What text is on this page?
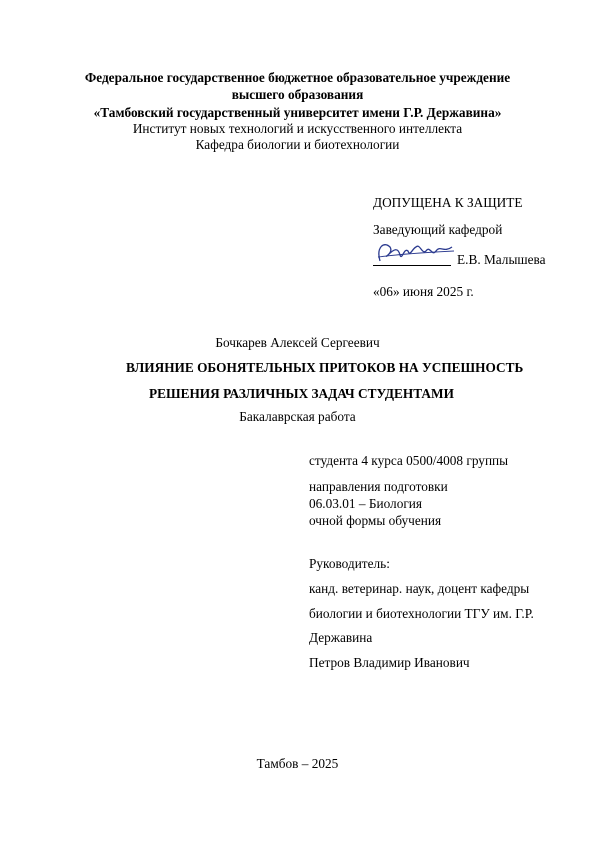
Федеральное государственное бюджетное образовательное учреждение
высшего образования
«Тамбовский государственный университет имени Г.Р. Державина»
Институт новых технологий и искусственного интеллекта
Кафедра биологии и биотехнологии
ДОПУЩЕНА К ЗАЩИТЕ
Заведующий кафедрой
Е.В. Малышева
«06» июня 2025 г.
Бочкарев Алексей Сергеевич
ВЛИЯНИЕ ОБОНЯТЕЛЬНЫХ ПРИТОКОВ НА УСПЕШНОСТЬ
РЕШЕНИЯ РАЗЛИЧНЫХ ЗАДАЧ СТУДЕНТАМИ
Бакалаврская работа
студента 4 курса 0500/4008 группы
направления подготовки
06.03.01 – Биология
очной формы обучения
Руководитель:
канд. ветеринар. наук, доцент кафедры
биологии и биотехнологии ТГУ им. Г.Р.
Державина
Петров Владимир Иванович
Тамбов – 2025
